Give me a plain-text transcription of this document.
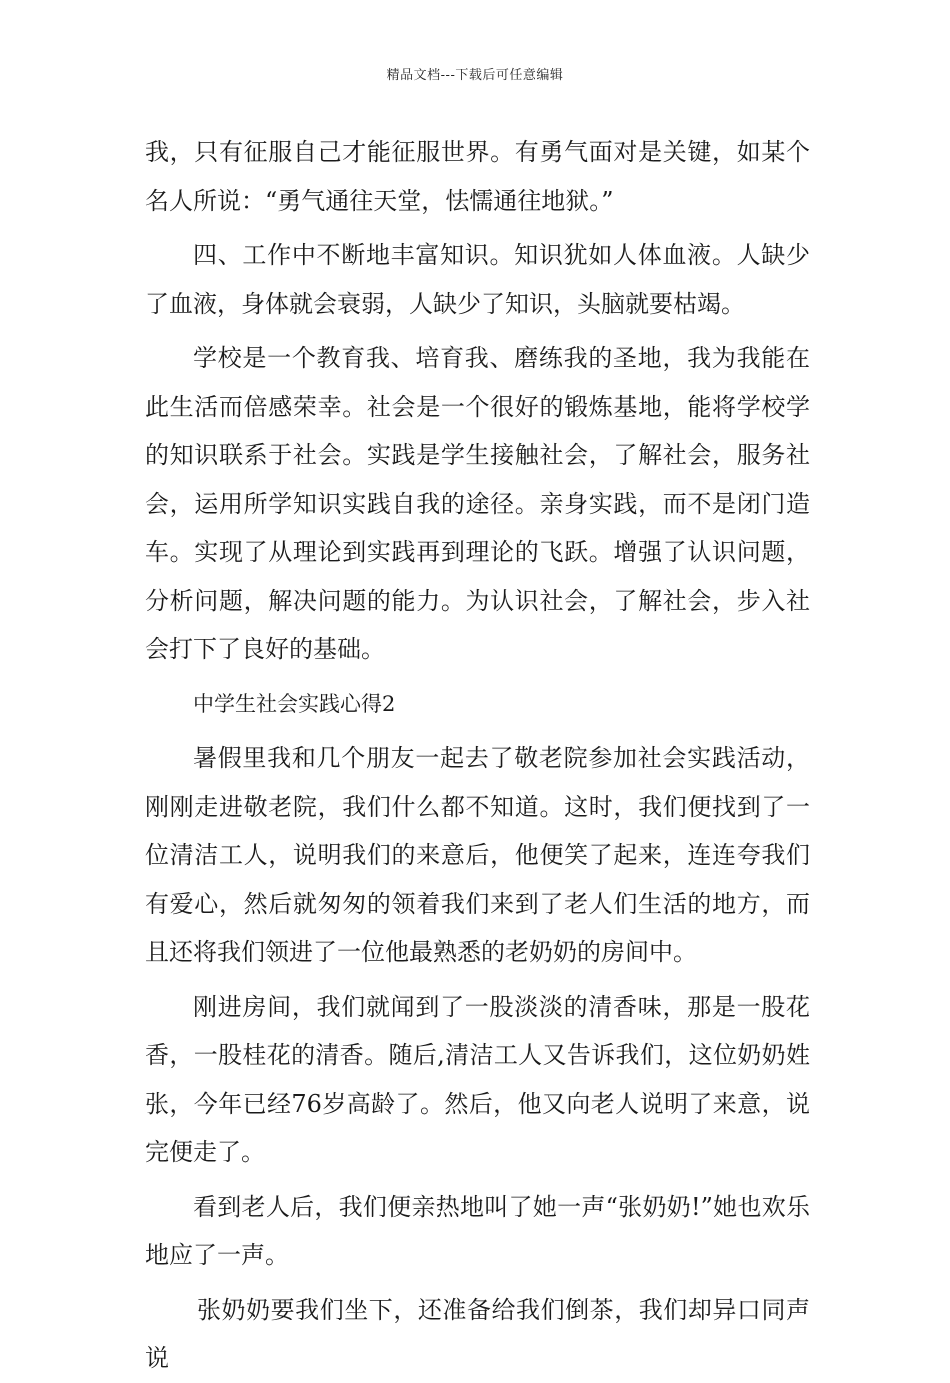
精品文档---下载后可任意编辑

我，只有征服自己才能征服世界。有勇气面对是关键，如某个名人所说：“勇气通往天堂，怯懦通往地狱。”

四、工作中不断地丰富知识。知识犹如人体血液。人缺少了血液，身体就会衰弱，人缺少了知识，头脑就要枯竭。

学校是一个教育我、培育我、磨练我的圣地，我为我能在此生活而倍感荣幸。社会是一个很好的锻炼基地，能将学校学的知识联系于社会。实践是学生接触社会，了解社会，服务社会，运用所学知识实践自我的途径。亲身实践，而不是闭门造车。实现了从理论到实践再到理论的飞跃。增强了认识问题，分析问题，解决问题的能力。为认识社会，了解社会，步入社会打下了良好的基础。

中学生社会实践心得2

暑假里我和几个朋友一起去了敬老院参加社会实践活动，刚刚走进敬老院，我们什么都不知道。这时，我们便找到了一位清洁工人，说明我们的来意后，他便笑了起来，连连夸我们有爱心，然后就匆匆的领着我们来到了老人们生活的地方，而且还将我们领进了一位他最熟悉的老奶奶的房间中。

刚进房间，我们就闻到了一股淡淡的清香味，那是一股花香，一股桂花的清香。随后,清洁工人又告诉我们，这位奶奶姓张，今年已经76岁高龄了。然后，他又向老人说明了来意，说完便走了。

看到老人后，我们便亲热地叫了她一声“张奶奶!”她也欢乐地应了一声。

张奶奶要我们坐下，还准备给我们倒茶，我们却异口同声说
